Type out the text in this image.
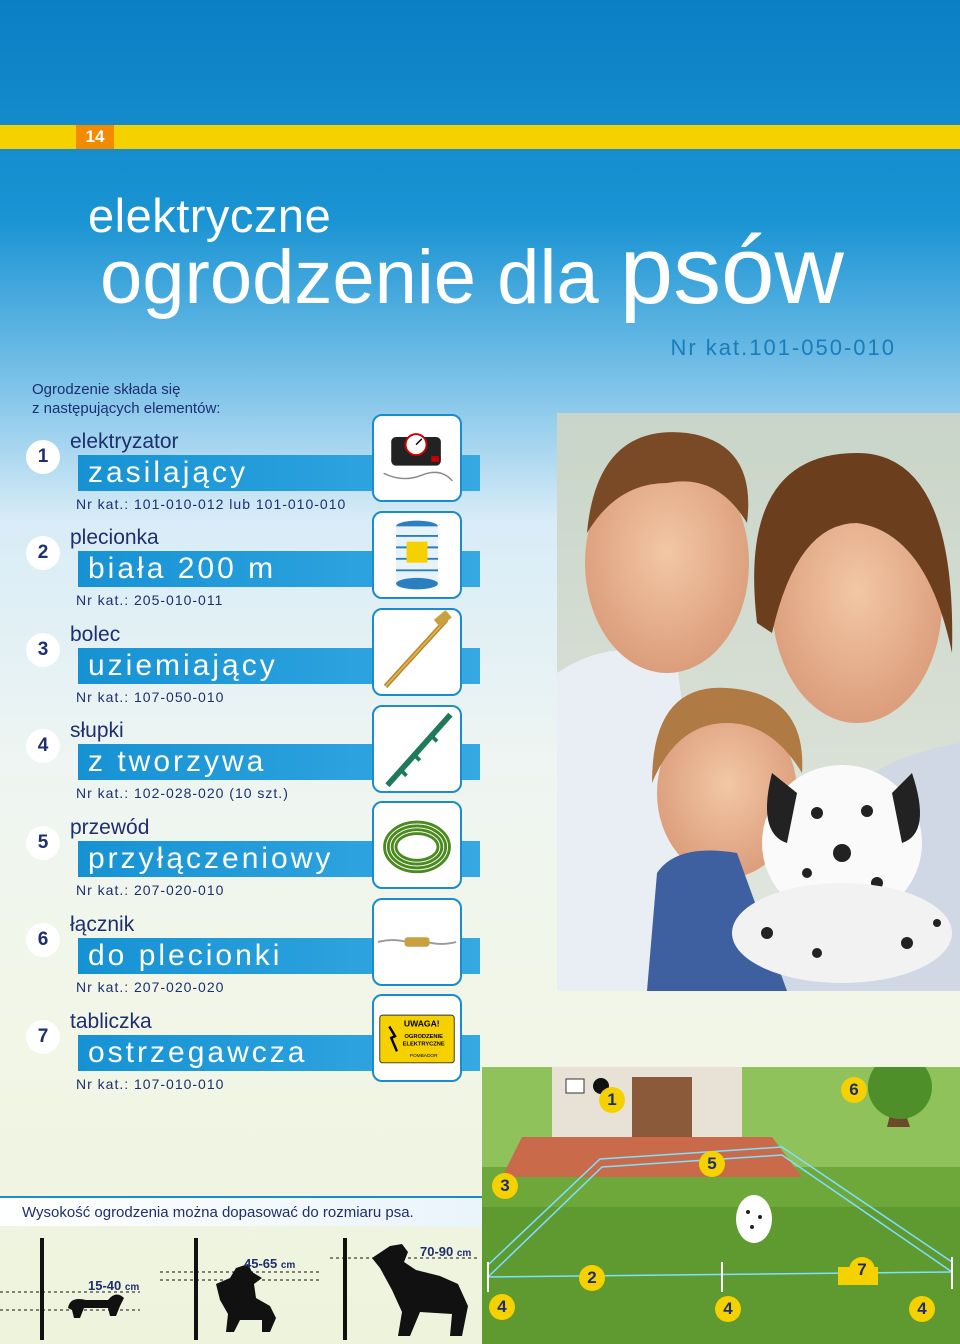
14
elektryczne
ogrodzenie dla psów
Nr kat.101-050-010
Ogrodzenie składa się
z następujących elementów:
1
elektryzator
zasilający
Nr kat.: 101-010-012 lub 101-010-010
2
plecionka
biała 200 m
Nr kat.: 205-010-011
3
bolec
uziemiający
Nr kat.: 107-050-010
4
słupki
z tworzywa
Nr kat.: 102-028-020 (10 szt.)
5
przewód
przyłączeniowy
Nr kat.: 207-020-010
6
łącznik
do plecionki
Nr kat.: 207-020-020
7
tabliczka
ostrzegawcza
Nr kat.: 107-010-010
UWAGA!
OGRODZENIE
ELEKTRYCZNE
POMBADOR
1
6
5
3
2	7
4	4	4
Wysokość ogrodzenia można dopasować do rozmiaru psa.
15-40 cm
45-65 cm
70-90 cm
